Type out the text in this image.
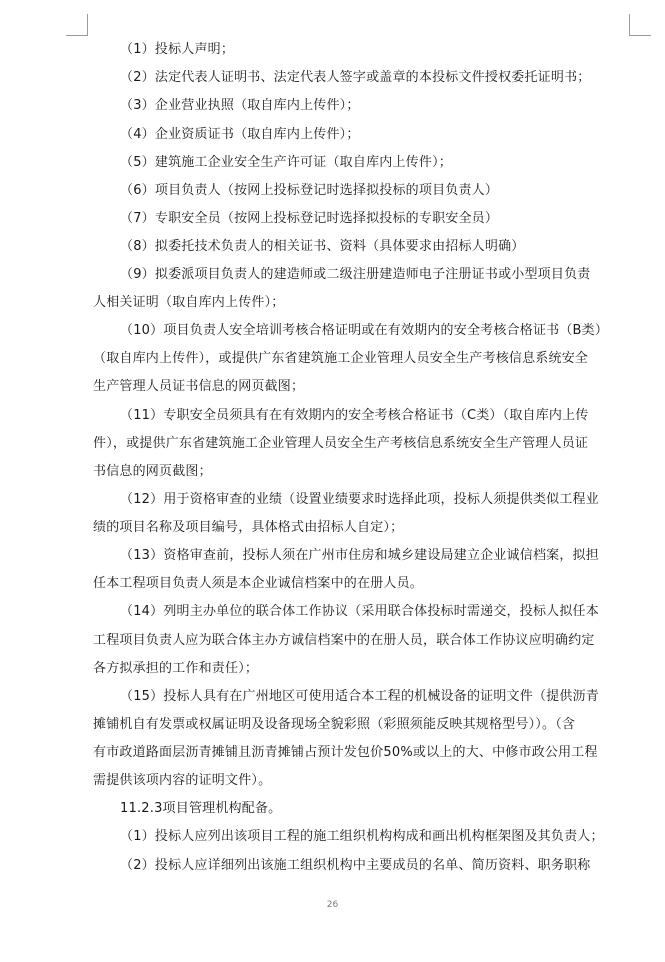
（1）投标人声明；
（2）法定代表人证明书、法定代表人签字或盖章的本投标文件授权委托证明书；
（3）企业营业执照（取自库内上传件）；
（4）企业资质证书（取自库内上传件）；
（5）建筑施工企业安全生产许可证（取自库内上传件）；
（6）项目负责人（按网上投标登记时选择拟投标的项目负责人）
（7）专职安全员（按网上投标登记时选择拟投标的专职安全员）
（8）拟委托技术负责人的相关证书、资料（具体要求由招标人明确）
（9）拟委派项目负责人的建造师或二级注册建造师电子注册证书或小型项目负责
人相关证明（取自库内上传件）；
（10）项目负责人安全培训考核合格证明或在有效期内的安全考核合格证书（B类）
（取自库内上传件），或提供广东省建筑施工企业管理人员安全生产考核信息系统安全
生产管理人员证书信息的网页截图；
（11）专职安全员须具有在有效期内的安全考核合格证书（C类）（取自库内上传
件），或提供广东省建筑施工企业管理人员安全生产考核信息系统安全生产管理人员证
书信息的网页截图；
（12）用于资格审查的业绩（设置业绩要求时选择此项，投标人须提供类似工程业
绩的项目名称及项目编号，具体格式由招标人自定）；
（13）资格审查前，投标人须在广州市住房和城乡建设局建立企业诚信档案，拟担
任本工程项目负责人须是本企业诚信档案中的在册人员。
（14）列明主办单位的联合体工作协议（采用联合体投标时需递交，投标人拟任本
工程项目负责人应为联合体主办方诚信档案中的在册人员，联合体工作协议应明确约定
各方拟承担的工作和责任）；
（15）投标人具有在广州地区可使用适合本工程的机械设备的证明文件（提供沥青
摊铺机自有发票或权属证明及设备现场全貌彩照（彩照须能反映其规格型号））。（含
有市政道路面层沥青摊铺且沥青摊铺占预计发包价50%或以上的大、中修市政公用工程
需提供该项内容的证明文件）。
11.2.3项目管理机构配备。
（1）投标人应列出该项目工程的施工组织机构构成和画出机构框架图及其负责人；
（2）投标人应详细列出该施工组织机构中主要成员的名单、简历资料、职务职称
26
